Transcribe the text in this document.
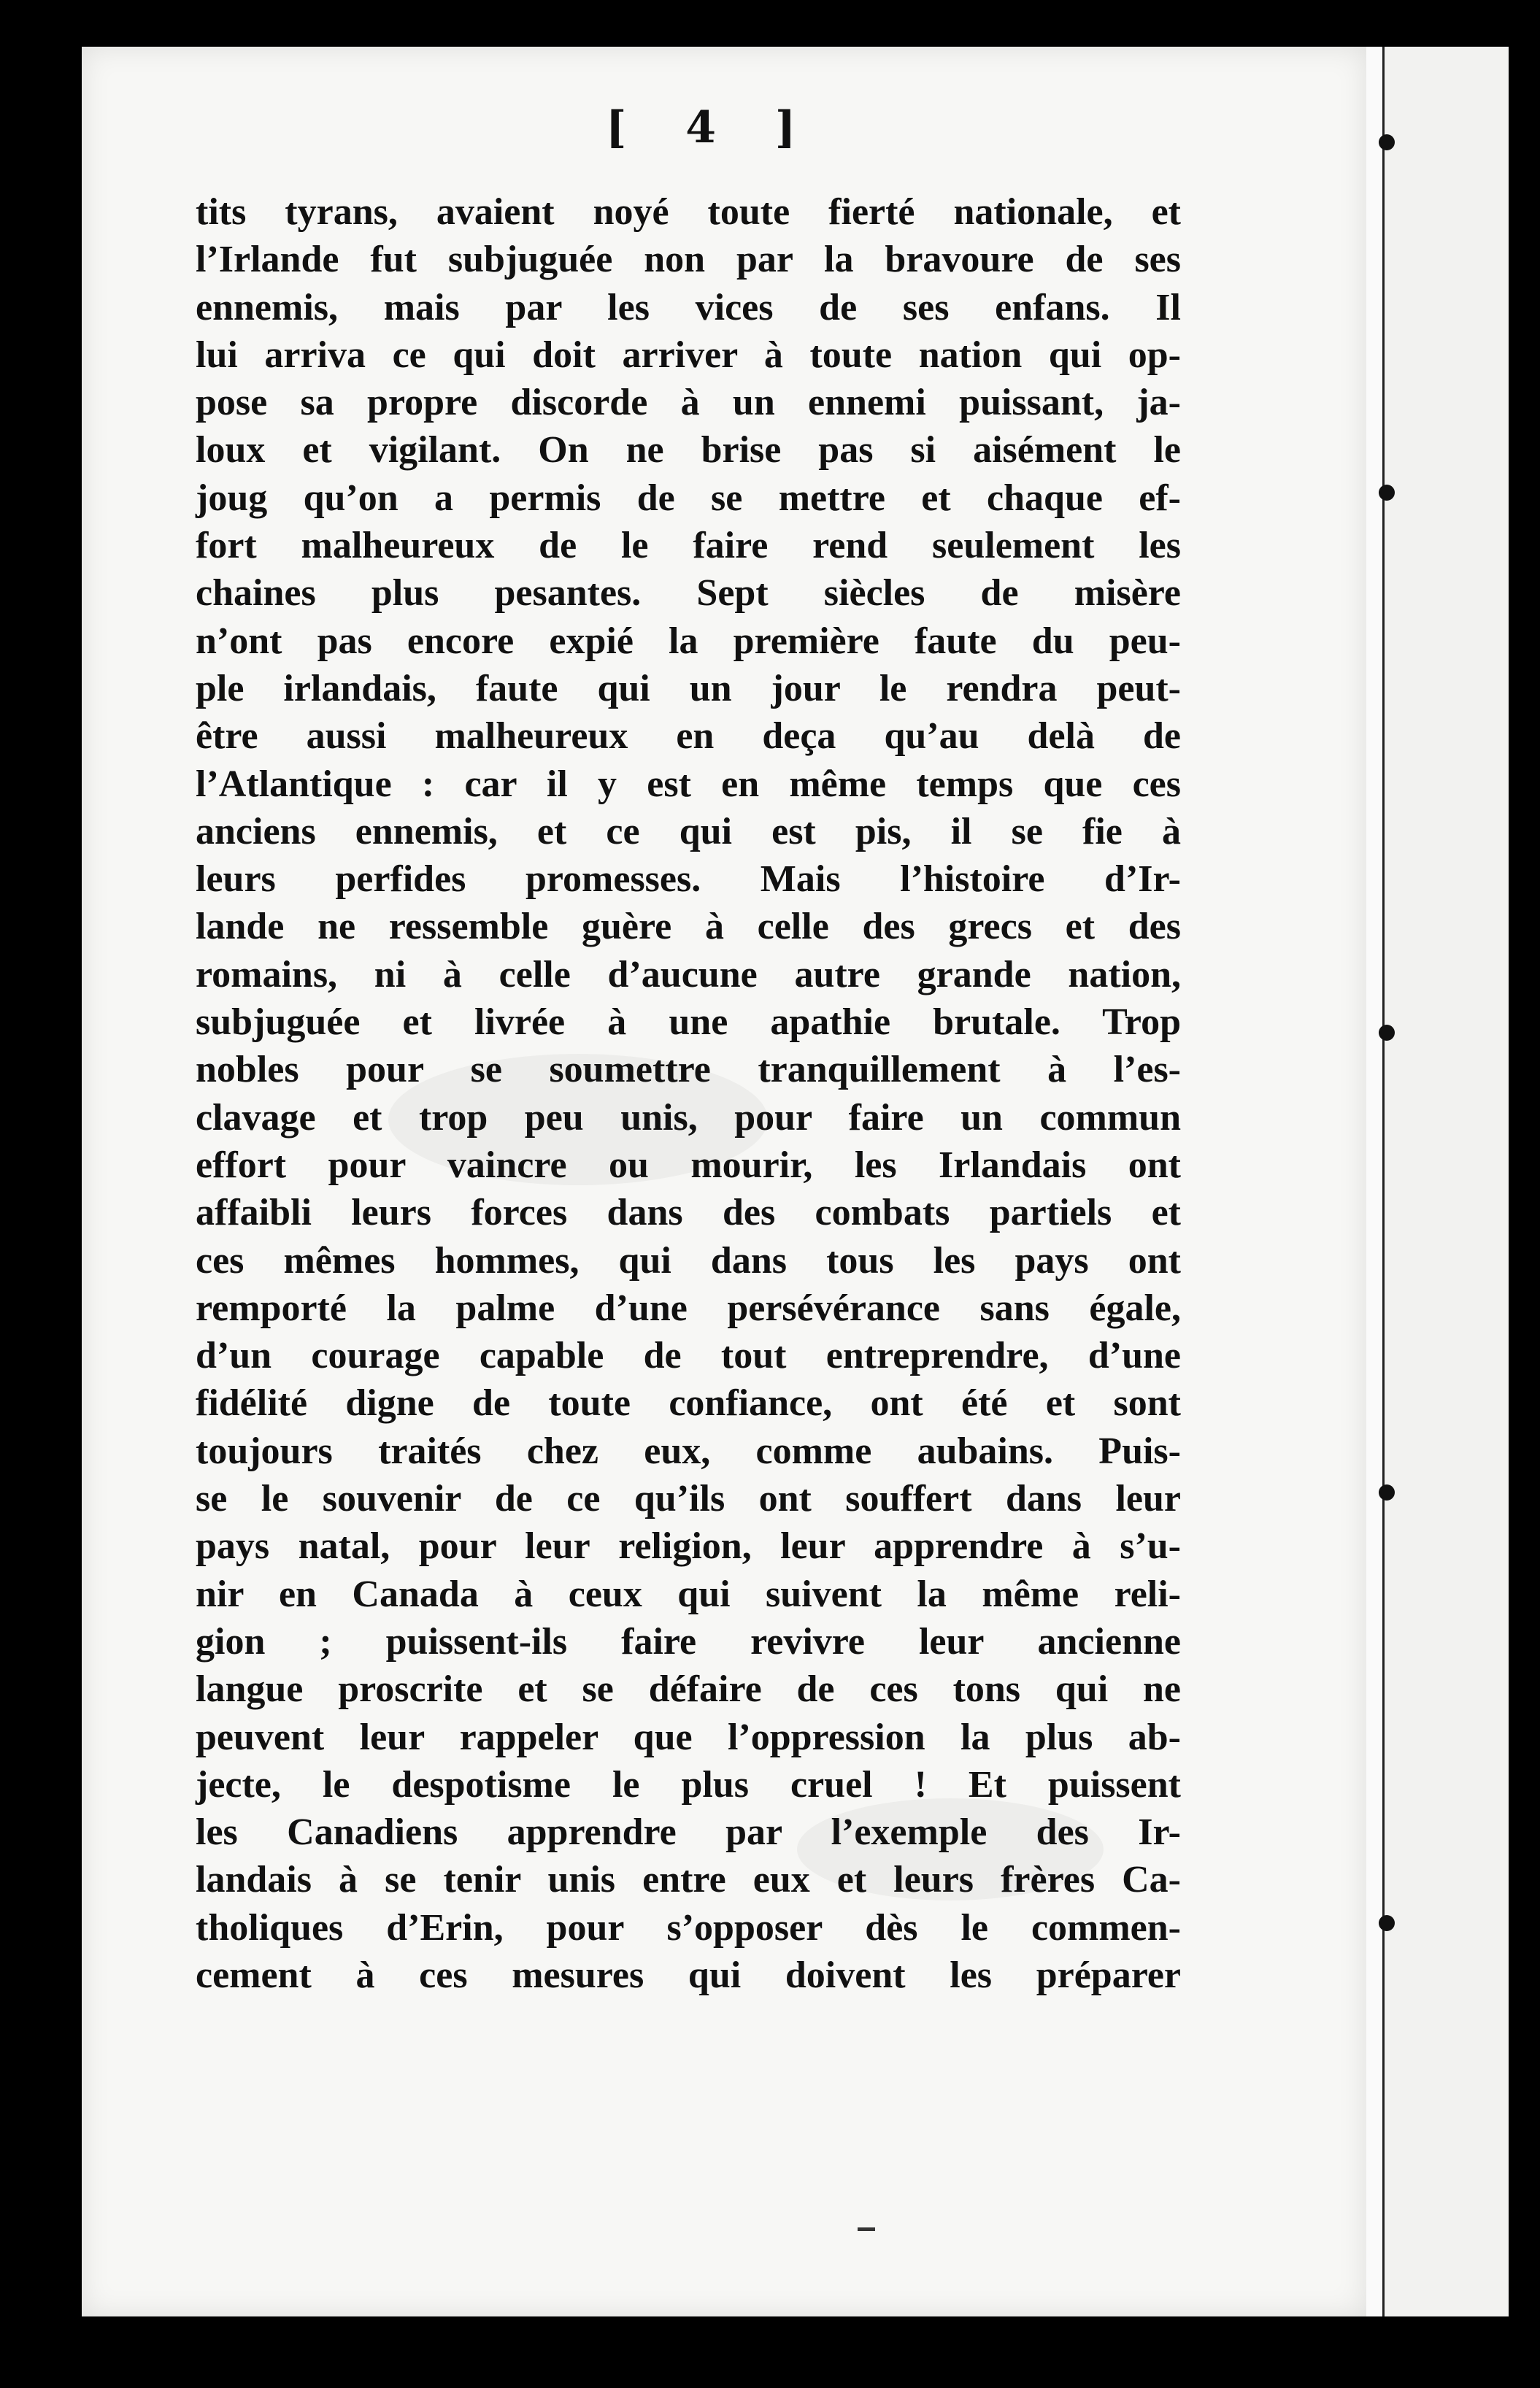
[ 4 ]
tits tyrans, avaient noyé toute fierté nationale, et
l’Irlande fut subjuguée non par la bravoure de ses
ennemis, mais par les vices de ses enfans. Il
lui arriva ce qui doit arriver à toute nation qui op-
pose sa propre discorde à un ennemi puissant, ja-
loux et vigilant. On ne brise pas si aisément le
joug qu’on a permis de se mettre et chaque ef-
fort malheureux de le faire rend seulement les
chaines plus pesantes. Sept siècles de misère
n’ont pas encore expié la première faute du peu-
ple irlandais, faute qui un jour le rendra peut-
être aussi malheureux en deça qu’au delà de
l’Atlantique : car il y est en même temps que ces
anciens ennemis, et ce qui est pis, il se fie à
leurs perfides promesses. Mais l’histoire d’Ir-
lande ne ressemble guère à celle des grecs et des
romains, ni à celle d’aucune autre grande nation,
subjuguée et livrée à une apathie brutale. Trop
nobles pour se soumettre tranquillement à l’es-
clavage et trop peu unis, pour faire un commun
effort pour vaincre ou mourir, les Irlandais ont
affaibli leurs forces dans des combats partiels et
ces mêmes hommes, qui dans tous les pays ont
remporté la palme d’une persévérance sans égale,
d’un courage capable de tout entreprendre, d’une
fidélité digne de toute confiance, ont été et sont
toujours traités chez eux, comme aubains. Puis-
se le souvenir de ce qu’ils ont souffert dans leur
pays natal, pour leur religion, leur apprendre à s’u-
nir en Canada à ceux qui suivent la même reli-
gion ; puissent-ils faire revivre leur ancienne
langue proscrite et se défaire de ces tons qui ne
peuvent leur rappeler que l’oppression la plus ab-
jecte, le despotisme le plus cruel ! Et puissent
les Canadiens apprendre par l’exemple des Ir-
landais à se tenir unis entre eux et leurs frères Ca-
tholiques d’Erin, pour s’opposer dès le commen-
cement à ces mesures qui doivent les préparer
